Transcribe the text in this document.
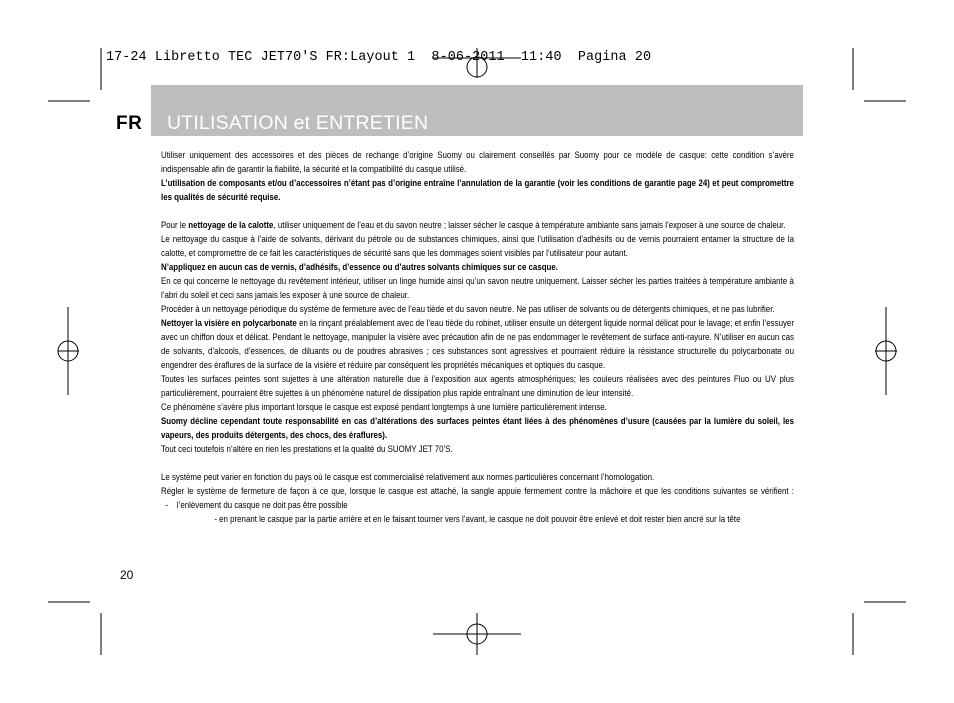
17-24 Libretto TEC JET70'S FR:Layout 1  8-06-2011  11:40  Pagina 20
FR UTILISATION et ENTRETIEN

Utiliser uniquement des accessoires et des pièces de rechange d’origine Suomy ou clairement conseillés par Suomy pour ce modèle de casque: cette condition s’avère indispensable afin de garantir la fiabilité, la sécurité et la compatibilité du casque utilisé.

L’utilisation de composants et/ou d’accessoires n’étant pas d’origine entraîne l’annulation de la garantie (voir les conditions de garantie page 24) et peut compromettre les qualités de sécurité requise.

Pour le nettoyage de la calotte, utiliser uniquement de l’eau et du savon neutre ; laisser sécher le casque à température ambiante sans jamais l’exposer à une source de chaleur.

Le nettoyage du casque à l’aide de solvants, dérivant du pétrole ou de substances chimiques, ainsi que l’utilisation d’adhésifs ou de vernis pourraient entamer la structure de la calotte, et compromettre de ce fait les caractéristiques de sécurité sans que les dommages soient visibles par l’utilisateur pour autant.

N’appliquez en aucun cas de vernis, d’adhésifs, d’essence ou d’autres solvants chimiques sur ce casque.

En ce qui concerne le nettoyage du revêtement intérieur, utiliser un linge humide ainsi qu’un savon neutre uniquement. Laisser sécher les parties traitées à température ambiante à l’abri du soleil et ceci sans jamais les exposer à une source de chaleur.

Procéder à un nettoyage périodique du système de fermeture avec de l’eau tiède et du savon neutre. Ne pas utiliser de solvants ou de détergents chimiques, et ne pas lubrifier.

Nettoyer la visière en polycarbonate en la rinçant préalablement avec de l’eau tiède du robinet, utiliser ensuite un détergent liquide normal délicat pour le lavage; et enfin l’essuyer avec un chiffon doux et délicat. Pendant le nettoyage, manipuler la visière avec précaution afin de ne pas endommager le revêtement de surface anti-rayure. N’utiliser en aucun cas de solvants, d’alcools, d’essences, de diluants ou de poudres abrasives ; ces substances sont agressives et pourraient réduire la résistance structurelle du polycarbonate ou engendrer des éraflures de la surface de la visière et réduire par conséquent les propriétés mécaniques et optiques du casque.

Toutes les surfaces peintes sont sujettes à une altération naturelle due à l’exposition aux agents atmosphériques; les couleurs réalisées avec des peintures Fluo ou UV plus particulièrement, pourraient être sujettes à un phénomène naturel de dissipation plus rapide entraînant une diminution de leur intensité.

Ce phénomène s’avère plus important lorsque le casque est exposé pendant longtemps à une lumière particulièrement intense.

Suomy décline cependant toute responsabilité en cas d’altérations des surfaces peintes étant liées à des phénomènes d’usure (causées par la lumière du soleil, les vapeurs, des produits détergents, des chocs, des éraflures).

Tout ceci toutefois n’altère en rien les prestations et la qualité du SUOMY JET 70’S.

Le système peut varier en fonction du pays où le casque est commercialisé relativement aux normes particulières concernant l’homologation.

Régler le système de fermeture de façon à ce que, lorsque le casque est attaché, la sangle appuie fermement contre la mâchoire et que les conditions suivantes se vérifient :  -    l’enlèvement du casque ne doit pas être possible

- en prenant le casque par la partie arrière et en le faisant tourner vers l’avant, le casque ne doit pouvoir être enlevé et doit rester bien ancré sur la tête

20
